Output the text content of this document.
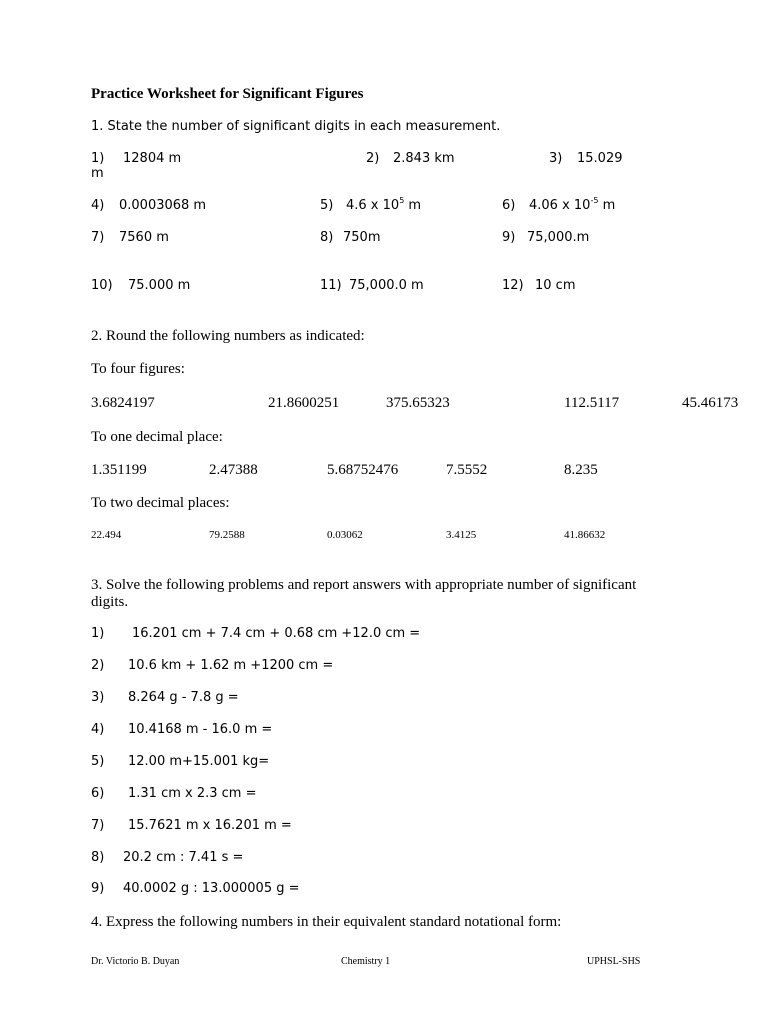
Practice Worksheet for Significant Figures
1. State the number of significant digits in each measurement.
1) 12804 m	2) 2.843 km	3) 15.029
m
4) 0.0003068 m	5) 4.6 x $10^5$ m	6) 4.06 x $10^{-5}$ m
7) 7560 m	8) 750m	9) 75,000.m
10) 75.000 m	11) 75,000.0 m	12) 10 cm
2. Round the following numbers as indicated:
To four figures:
3.6824197	21.8600251	375.65323	112.5117	45.46173
To one decimal place:
1.351199	2.47388	5.68752476	7.5552	8.235
To two decimal places:
22.494	79.2588	0.03062	3.4125	41.86632
3. Solve the following problems and report answers with appropriate number of significant
digits.
1) 16.201 cm + 7.4 cm + 0.68 cm +12.0 cm =
2) 10.6 km + 1.62 m +1200 cm =
3) 8.264 g - 7.8 g =
4) 10.4168 m - 16.0 m =
5) 12.00 m+15.001 kg=
6) 1.31 cm x 2.3 cm =
7) 15.7621 m x 16.201 m =
8) 20.2 cm : 7.41 s =
9) 40.0002 g : 13.000005 g =
4. Express the following numbers in their equivalent standard notational form:
Dr. Victorio B. Duyan	Chemistry 1	UPHSL-SHS
